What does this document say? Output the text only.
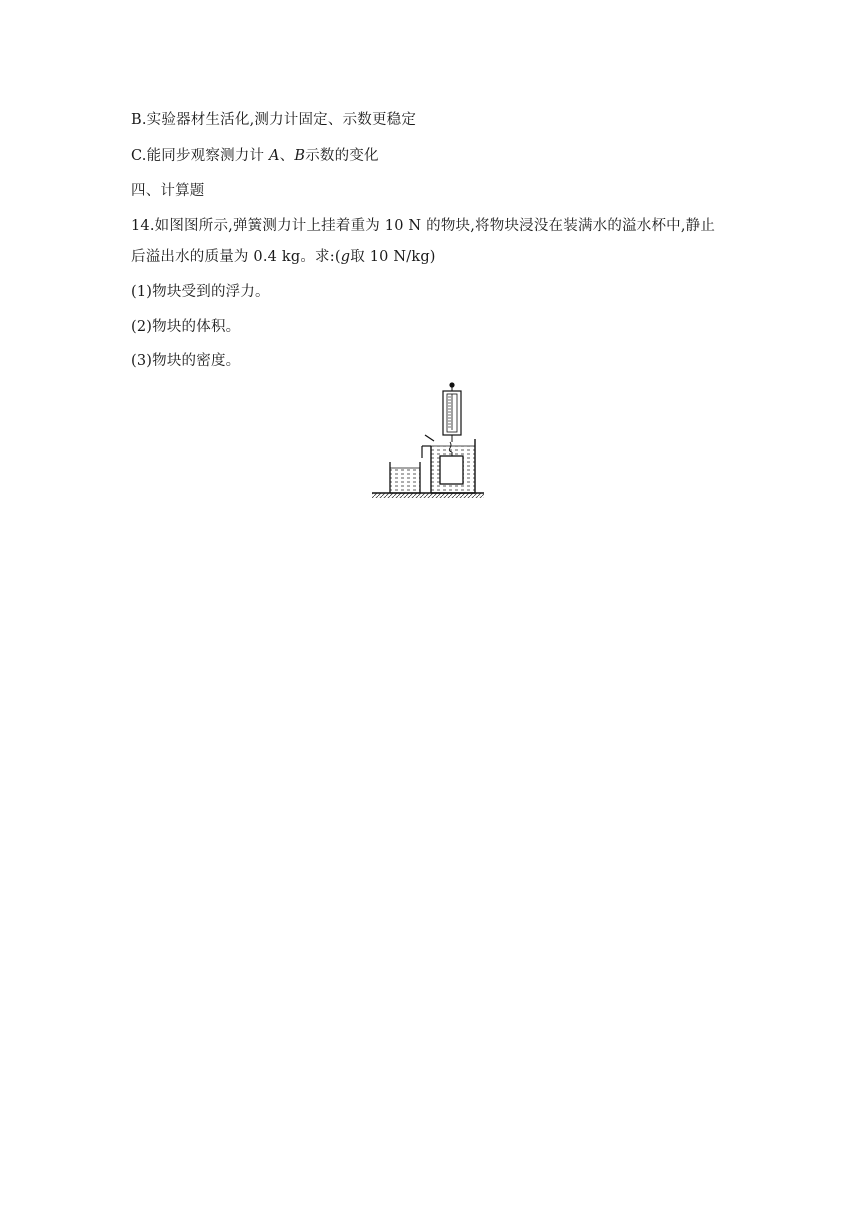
B.实验器材生活化,测力计固定、示数更稳定
C.能同步观察测力计 A、B示数的变化
四、计算题
14.如图图所示,弹簧测力计上挂着重为 10 N 的物块,将物块浸没在装满水的溢水杯中,静止
后溢出水的质量为 0.4 kg。求:(g取 10 N/kg)
(1)物块受到的浮力。
(2)物块的体积。
(3)物块的密度。
